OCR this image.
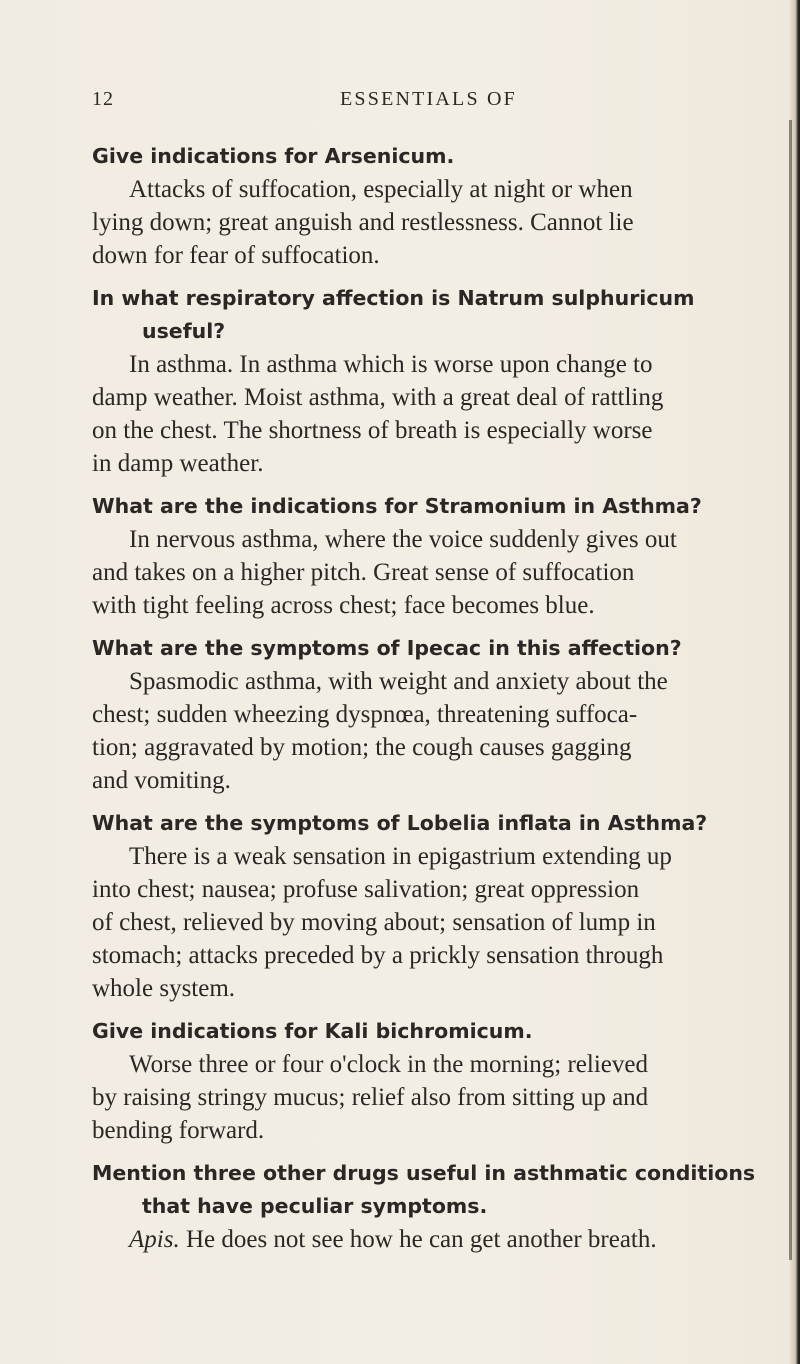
12	ESSENTIALS OF
Give indications for Arsenicum.
Attacks of suffocation, especially at night or when
lying down; great anguish and restlessness. Cannot lie
down for fear of suffocation.
In what respiratory affection is Natrum sulphuricum
useful?
In asthma. In asthma which is worse upon change to
damp weather. Moist asthma, with a great deal of rattling
on the chest. The shortness of breath is especially worse
in damp weather.
What are the indications for Stramonium in Asthma?
In nervous asthma, where the voice suddenly gives out
and takes on a higher pitch. Great sense of suffocation
with tight feeling across chest; face becomes blue.
What are the symptoms of Ipecac in this affection?
Spasmodic asthma, with weight and anxiety about the
chest; sudden wheezing dyspnœa, threatening suffoca-
tion; aggravated by motion; the cough causes gagging
and vomiting.
What are the symptoms of Lobelia inflata in Asthma?
There is a weak sensation in epigastrium extending up
into chest; nausea; profuse salivation; great oppression
of chest, relieved by moving about; sensation of lump in
stomach; attacks preceded by a prickly sensation through
whole system.
Give indications for Kali bichromicum.
Worse three or four o'clock in the morning; relieved
by raising stringy mucus; relief also from sitting up and
bending forward.
Mention three other drugs useful in asthmatic conditions
that have peculiar symptoms.
Apis. He does not see how he can get another breath.
